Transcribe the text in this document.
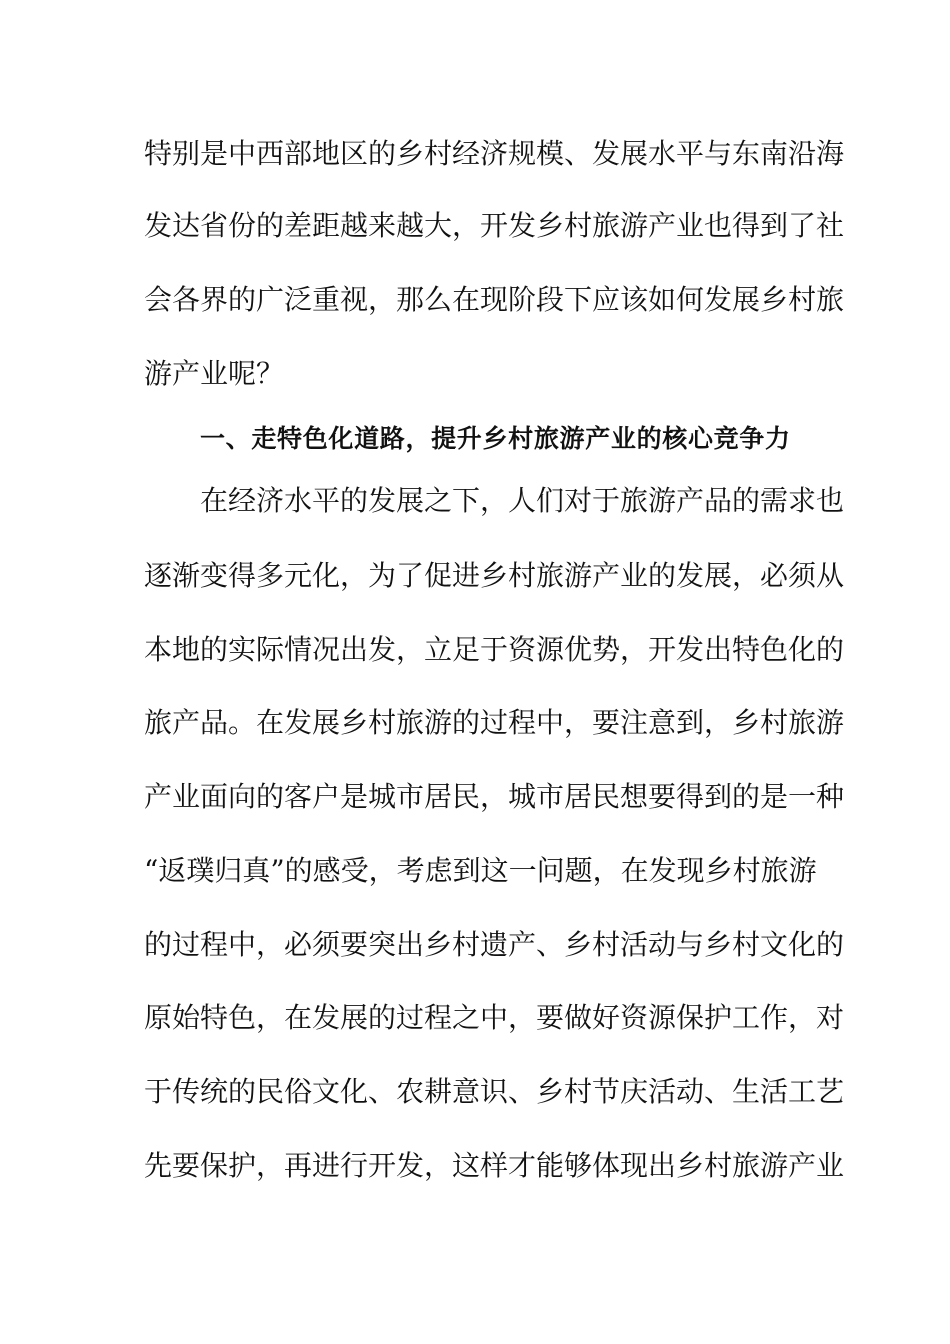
特别是中西部地区的乡村经济规模、发展水平与东南沿海

发达省份的差距越来越大，开发乡村旅游产业也得到了社

会各界的广泛重视，那么在现阶段下应该如何发展乡村旅

游产业呢？

一、走特色化道路，提升乡村旅游产业的核心竞争力

在经济水平的发展之下，人们对于旅游产品的需求也

逐渐变得多元化，为了促进乡村旅游产业的发展，必须从

本地的实际情况出发，立足于资源优势，开发出特色化的

旅产品。在发展乡村旅游的过程中，要注意到，乡村旅游

产业面向的客户是城市居民，城市居民想要得到的是一种

“返璞归真”的感受，考虑到这一问题，在发现乡村旅游

的过程中，必须要突出乡村遗产、乡村活动与乡村文化的

原始特色，在发展的过程之中，要做好资源保护工作，对

于传统的民俗文化、农耕意识、乡村节庆活动、生活工艺

先要保护，再进行开发，这样才能够体现出乡村旅游产业
